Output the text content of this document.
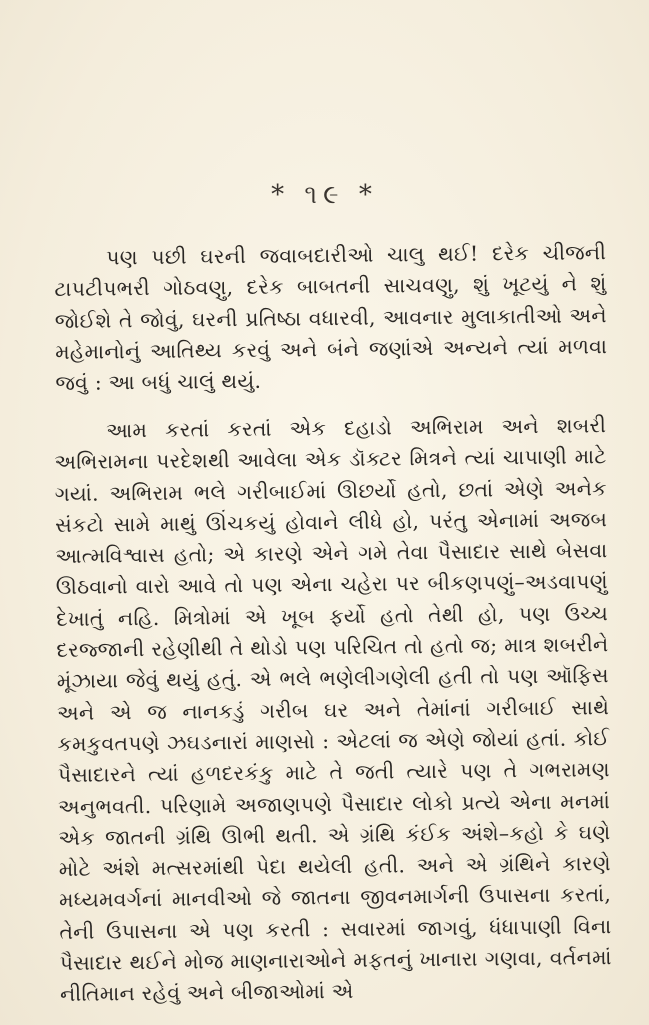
* ૧૯ *

પણ પછી ઘરની જવાબદારીઓ ચાલુ થઈ! દરેક ચીજની ટાપટીપભરી ગોઠવણુ, દરેક બાબતની સાચવણુ, શું ખૂટયું ને શું જોઈશે તે જોવું, ઘરની પ્રતિષ્ઠા વધારવી, આવનાર મુલાકાતીઓ અને મહેમાનોનું આતિથ્ય કરવું અને બંને જણાંએ અન્યને ત્યાં મળવા જવું : આ બધું ચાલું થયું.

આમ કરતાં કરતાં એક દહાડો અભિરામ અને શબરી અભિરામના પરદેશથી આવેલા એક ડૉક્ટર મિત્રને ત્યાં ચાપાણી માટે ગયાં. અભિરામ ભલે ગરીબાઈમાં ઊછર્યો હતો, છતાં એણે અનેક સંકટો સામે માથું ઊંચકયું હોવાને લીધે હો, પરંતુ એનામાં અજબ આત્મવિશ્વાસ હતો; એ કારણે એને ગમે તેવા પૈસાદાર સાથે બેસવા ઊઠવાનો વારો આવે તો પણ એના ચહેરા પર બીકણપણું–અડવાપણું દેખાતું નહિ. મિત્રોમાં એ ખૂબ ફર્યો હતો તેથી હો, પણ ઉચ્ચ દરજ્જાની રહેણીથી તે થોડો પણ પરિચિત તો હતો જ; માત્ર શબરીને મૂંઝાયા જેવું થયું હતું. એ ભલે ભણેલીગણેલી હતી તો પણ ઑફિસ અને એ જ નાનકડું ગરીબ ઘર અને તેમાંનાં ગરીબાઈ સાથે કમકુવતપણે ઝઘડનારાં માણસો : એટલાં જ એણે જોયાં હતાં. કોઈ પૈસાદારને ત્યાં હળદરકંકુ માટે તે જતી ત્યારે પણ તે ગભરામણ અનુભવતી. પરિણામે અજાણપણે પૈસાદાર લોકો પ્રત્યે એના મનમાં એક જાતની ગ્રંથિ ઊભી થતી. એ ગ્રંથિ કંઈક અંશે–કહો કે ઘણે મોટે અંશે મત્સરમાંથી પેદા થયેલી હતી. અને એ ગ્રંથિને કારણે મધ્યમવર્ગનાં માનવીઓ જે જાતના જીવનમાર્ગની ઉપાસના કરતાં, તેની ઉપાસના એ પણ કરતી : સવારમાં જાગવું, ધંધાપાણી વિના પૈસાદાર થઈને મોજ માણનારાઓને મફતનું ખાનારા ગણવા, વર્તનમાં નીતિમાન રહેવું અને બીજાઓમાં એ
